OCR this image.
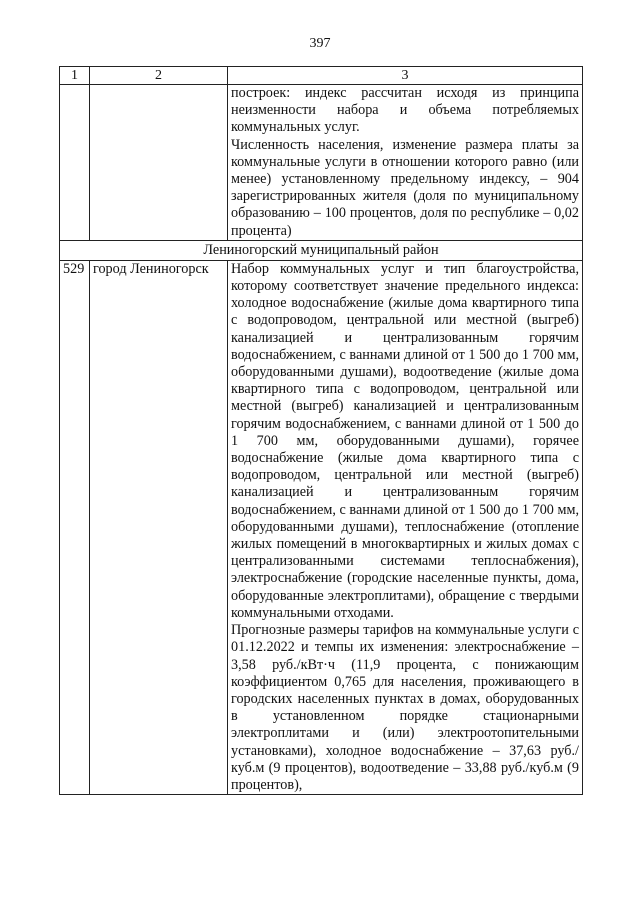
397
1	2	3

		построек: индекс рассчитан исходя из принципа неизменности набора и объема потребляемых коммунальных услуг.

Численность населения, изменение размера платы за коммунальные услуги в отношении которого равно (или менее) установленному предельному индексу, – 904 зарегистрированных жителя (доля по муниципальному образованию – 100 процентов, доля по республике – 0,02 процента)

Лениногорский муниципальный район		
529	город Лениногорск	Набор коммунальных услуг и тип благоустройства, которому соответствует значение предельного индекса: холодное водоснабжение (жилые дома квартирного типа с водопроводом, центральной или местной (выгреб) канализацией и централизованным горячим водоснабжением, с ваннами длиной от 1 500 до 1 700 мм, оборудованными душами), водоотведение (жилые дома квартирного типа с водопроводом, центральной или местной (выгреб) канализацией и централизованным горячим водоснабжением, с ваннами длиной от 1 500 до 1 700 мм, оборудованными душами), горячее водоснабжение (жилые дома квартирного типа с водопроводом, центральной или местной (выгреб) канализацией и централизованным горячим водоснабжением, с ваннами длиной от 1 500 до 1 700 мм, оборудованными душами), теплоснабжение (отопление жилых помещений в многоквартирных и жилых домах с централизованными системами теплоснабжения), электроснабжение (городские населенные пункты, дома, оборудованные электроплитами), обращение с твердыми коммунальными отходами.

Прогнозные размеры тарифов на коммунальные услуги с 01.12.2022 и темпы их изменения: электроснабжение – 3,58 руб./кВт·ч (11,9 процента, с понижающим коэффициентом 0,765 для населения, проживающего в городских населенных пунктах в домах, оборудованных в установленном порядке стационарными электроплитами и (или) электроотопительными установками), холодное водоснабжение – 37,63 руб./куб.м (9 процентов), водоотведение – 33,88 руб./куб.м (9 процентов),
